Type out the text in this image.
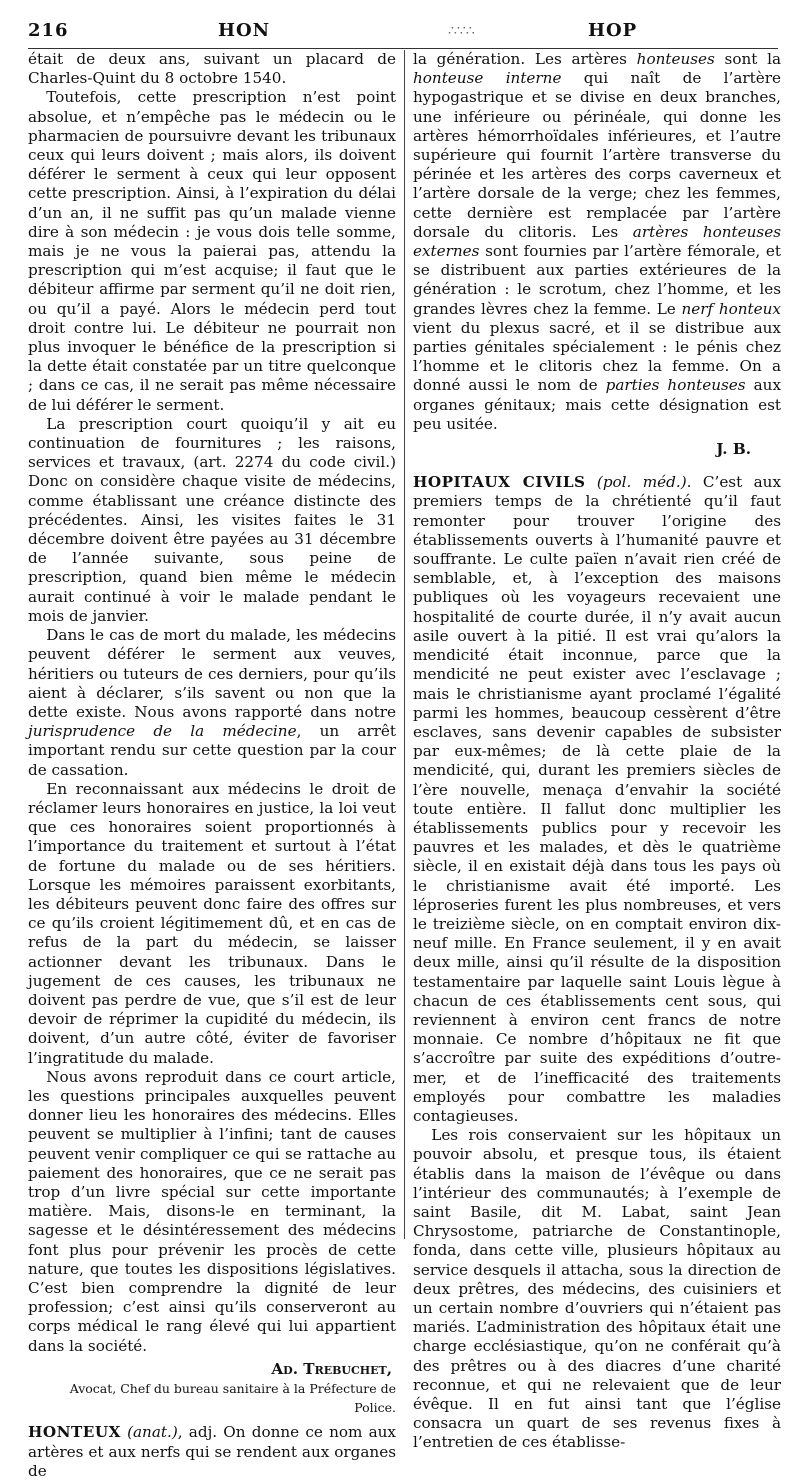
216	HON	∴∵∴	HOP

était de deux ans, suivant un placard de Charles-Quint du 8 octobre 1540.

Toutefois, cette prescription n’est point absolue, et n’empêche pas le médecin ou le pharmacien de poursuivre devant les tribunaux ceux qui leurs doivent ; mais alors, ils doivent déférer le serment à ceux qui leur opposent cette prescription. Ainsi, à l’expiration du délai d’un an, il ne suffit pas qu’un malade vienne dire à son médecin : je vous dois telle somme, mais je ne vous la paierai pas, attendu la prescription qui m’est acquise; il faut que le débiteur affirme par serment qu’il ne doit rien, ou qu’il a payé. Alors le médecin perd tout droit contre lui. Le débiteur ne pourrait non plus invoquer le bénéfice de la prescription si la dette était constatée par un titre quelconque ; dans ce cas, il ne serait pas même nécessaire de lui déférer le serment.

La prescription court quoiqu’il y ait eu continuation de fournitures ; les raisons, services et travaux, (art. 2274 du code civil.) Donc on considère chaque visite de médecins, comme établissant une créance distincte des précédentes. Ainsi, les visites faites le 31 décembre doivent être payées au 31 décembre de l’année suivante, sous peine de prescription, quand bien même le médecin aurait continué à voir le malade pendant le mois de janvier.

Dans le cas de mort du malade, les médecins peuvent déférer le serment aux veuves, héritiers ou tuteurs de ces derniers, pour qu’ils aient à déclarer, s’ils savent ou non que la dette existe. Nous avons rapporté dans notre jurisprudence de la médecine, un arrêt important rendu sur cette question par la cour de cassation.

En reconnaissant aux médecins le droit de réclamer leurs honoraires en justice, la loi veut que ces honoraires soient proportionnés à l’importance du traitement et surtout à l’état de fortune du malade ou de ses héritiers. Lorsque les mémoires paraissent exorbitants, les débiteurs peuvent donc faire des offres sur ce qu’ils croient légitimement dû, et en cas de refus de la part du médecin, se laisser actionner devant les tribunaux. Dans le jugement de ces causes, les tribunaux ne doivent pas perdre de vue, que s’il est de leur devoir de réprimer la cupidité du médecin, ils doivent, d’un autre côté, éviter de favoriser l’ingratitude du malade.

Nous avons reproduit dans ce court article, les questions principales auxquelles peuvent donner lieu les honoraires des médecins. Elles peuvent se multiplier à l’infini; tant de causes peuvent venir compliquer ce qui se rattache au paiement des honoraires, que ce ne serait pas trop d’un livre spécial sur cette importante matière. Mais, disons-le en terminant, la sagesse et le désintéressement des médecins font plus pour prévenir les procès de cette nature, que toutes les dispositions législatives. C’est bien comprendre la dignité de leur profession; c’est ainsi qu’ils conserveront au corps médical le rang élevé qui lui appartient dans la société.

Ad. Trebuchet,
Avocat, Chef du bureau sanitaire à la Préfecture de Police.

HONTEUX (anat.), adj. On donne ce nom aux artères et aux nerfs qui se rendent aux organes de

la génération. Les artères honteuses sont la honteuse interne qui naît de l’artère hypogastrique et se divise en deux branches, une inférieure ou périnéale, qui donne les artères hémorrhoïdales inférieures, et l’autre supérieure qui fournit l’artère transverse du périnée et les artères des corps caverneux et l’artère dorsale de la verge; chez les femmes, cette dernière est remplacée par l’artère dorsale du clitoris. Les artères honteuses externes sont fournies par l’artère fémorale, et se distribuent aux parties extérieures de la génération : le scrotum, chez l’homme, et les grandes lèvres chez la femme. Le nerf honteux vient du plexus sacré, et il se distribue aux parties génitales spécialement : le pénis chez l’homme et le clitoris chez la femme. On a donné aussi le nom de parties honteuses aux organes génitaux; mais cette désignation est peu usitée.

J. B.

HOPITAUX CIVILS (pol. méd.). C’est aux premiers temps de la chrétienté qu’il faut remonter pour trouver l’origine des établissements ouverts à l’humanité pauvre et souffrante. Le culte païen n’avait rien créé de semblable, et, à l’exception des maisons publiques où les voyageurs recevaient une hospitalité de courte durée, il n’y avait aucun asile ouvert à la pitié. Il est vrai qu’alors la mendicité était inconnue, parce que la mendicité ne peut exister avec l’esclavage ; mais le christianisme ayant proclamé l’égalité parmi les hommes, beaucoup cessèrent d’être esclaves, sans devenir capables de subsister par eux-mêmes; de là cette plaie de la mendicité, qui, durant les premiers siècles de l’ère nouvelle, menaça d’envahir la société toute entière. Il fallut donc multiplier les établissements publics pour y recevoir les pauvres et les malades, et dès le quatrième siècle, il en existait déjà dans tous les pays où le christianisme avait été importé. Les léproseries furent les plus nombreuses, et vers le treizième siècle, on en comptait environ dix-neuf mille. En France seulement, il y en avait deux mille, ainsi qu’il résulte de la disposition testamentaire par laquelle saint Louis lègue à chacun de ces établissements cent sous, qui reviennent à environ cent francs de notre monnaie. Ce nombre d’hôpitaux ne fit que s’accroître par suite des expéditions d’outre-mer, et de l’inefficacité des traitements employés pour combattre les maladies contagieuses.

Les rois conservaient sur les hôpitaux un pouvoir absolu, et presque tous, ils étaient établis dans la maison de l’évêque ou dans l’intérieur des communautés; à l’exemple de saint Basile, dit M. Labat, saint Jean Chrysostome, patriarche de Constantinople, fonda, dans cette ville, plusieurs hôpitaux au service desquels il attacha, sous la direction de deux prêtres, des médecins, des cuisiniers et un certain nombre d’ouvriers qui n’étaient pas mariés. L’administration des hôpitaux était une charge ecclésiastique, qu’on ne conférait qu’à des prêtres ou à des diacres d’une charité reconnue, et qui ne relevaient que de leur évêque. Il en fut ainsi tant que l’église consacra un quart de ses revenus fixes à l’entretien de ces établisse-
